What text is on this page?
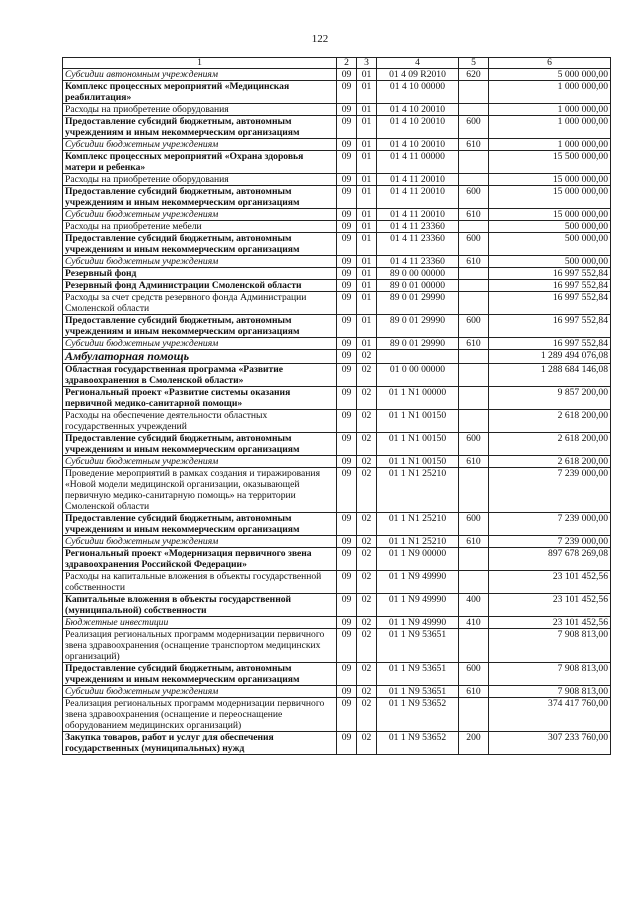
122
1	2	3	4	5	6
Субсидии автономным учреждениям	09	01	01 4 09 R2010	620	5 000 000,00
Комплекс процессных мероприятий «Медицинская реабилитация»	09	01	01 4 10 00000		1 000 000,00
Расходы на приобретение оборудования	09	01	01 4 10 20010		1 000 000,00
Предоставление субсидий бюджетным, автономным учреждениям и иным некоммерческим организациям	09	01	01 4 10 20010	600	1 000 000,00
Субсидии бюджетным учреждениям	09	01	01 4 10 20010	610	1 000 000,00
Комплекс процессных мероприятий «Охрана здоровья матери и ребенка»	09	01	01 4 11 00000		15 500 000,00
Расходы на приобретение оборудования	09	01	01 4 11 20010		15 000 000,00
Предоставление субсидий бюджетным, автономным учреждениям и иным некоммерческим организациям	09	01	01 4 11 20010	600	15 000 000,00
Субсидии бюджетным учреждениям	09	01	01 4 11 20010	610	15 000 000,00
Расходы на приобретение мебели	09	01	01 4 11 23360		500 000,00
Предоставление субсидий бюджетным, автономным учреждениям и иным некоммерческим организациям	09	01	01 4 11 23360	600	500 000,00
Субсидии бюджетным учреждениям	09	01	01 4 11 23360	610	500 000,00
Резервный фонд	09	01	89 0 00 00000		16 997 552,84
Резервный фонд Администрации Смоленской области	09	01	89 0 01 00000		16 997 552,84
Расходы за счет средств резервного фонда Администрации Смоленской области	09	01	89 0 01 29990		16 997 552,84
Предоставление субсидий бюджетным, автономным учреждениям и иным некоммерческим организациям	09	01	89 0 01 29990	600	16 997 552,84
Субсидии бюджетным учреждениям	09	01	89 0 01 29990	610	16 997 552,84
Амбулаторная помощь	09	02			1 289 494 076,08
Областная государственная программа «Развитие здравоохранения в Смоленской области»	09	02	01 0 00 00000		1 288 684 146,08
Региональный проект «Развитие системы оказания первичной медико-санитарной помощи»	09	02	01 1 N1 00000		9 857 200,00
Расходы на обеспечение деятельности областных государственных учреждений	09	02	01 1 N1 00150		2 618 200,00
Предоставление субсидий бюджетным, автономным учреждениям и иным некоммерческим организациям	09	02	01 1 N1 00150	600	2 618 200,00
Субсидии бюджетным учреждениям	09	02	01 1 N1 00150	610	2 618 200,00
Проведение мероприятий в рамках создания и тиражирования «Новой модели медицинской организации, оказывающей первичную медико-санитарную помощь» на территории Смоленской области	09	02	01 1 N1 25210		7 239 000,00
Предоставление субсидий бюджетным, автономным учреждениям и иным некоммерческим организациям	09	02	01 1 N1 25210	600	7 239 000,00
Субсидии бюджетным учреждениям	09	02	01 1 N1 25210	610	7 239 000,00
Региональный проект «Модернизация первичного звена здравоохранения Российской Федерации»	09	02	01 1 N9 00000		897 678 269,08
Расходы на капитальные вложения в объекты государственной собственности	09	02	01 1 N9 49990		23 101 452,56
Капитальные вложения в объекты государственной (муниципальной) собственности	09	02	01 1 N9 49990	400	23 101 452,56
Бюджетные инвестиции	09	02	01 1 N9 49990	410	23 101 452,56
Реализация региональных программ модернизации первичного звена здравоохранения (оснащение транспортом медицинских организаций)	09	02	01 1 N9 53651		7 908 813,00
Предоставление субсидий бюджетным, автономным учреждениям и иным некоммерческим организациям	09	02	01 1 N9 53651	600	7 908 813,00
Субсидии бюджетным учреждениям	09	02	01 1 N9 53651	610	7 908 813,00
Реализация региональных программ модернизации первичного звена здравоохранения (оснащение и переоснащение оборудованием медицинских организаций)	09	02	01 1 N9 53652		374 417 760,00
Закупка товаров, работ и услуг для обеспечения государственных (муниципальных) нужд	09	02	01 1 N9 53652	200	307 233 760,00
